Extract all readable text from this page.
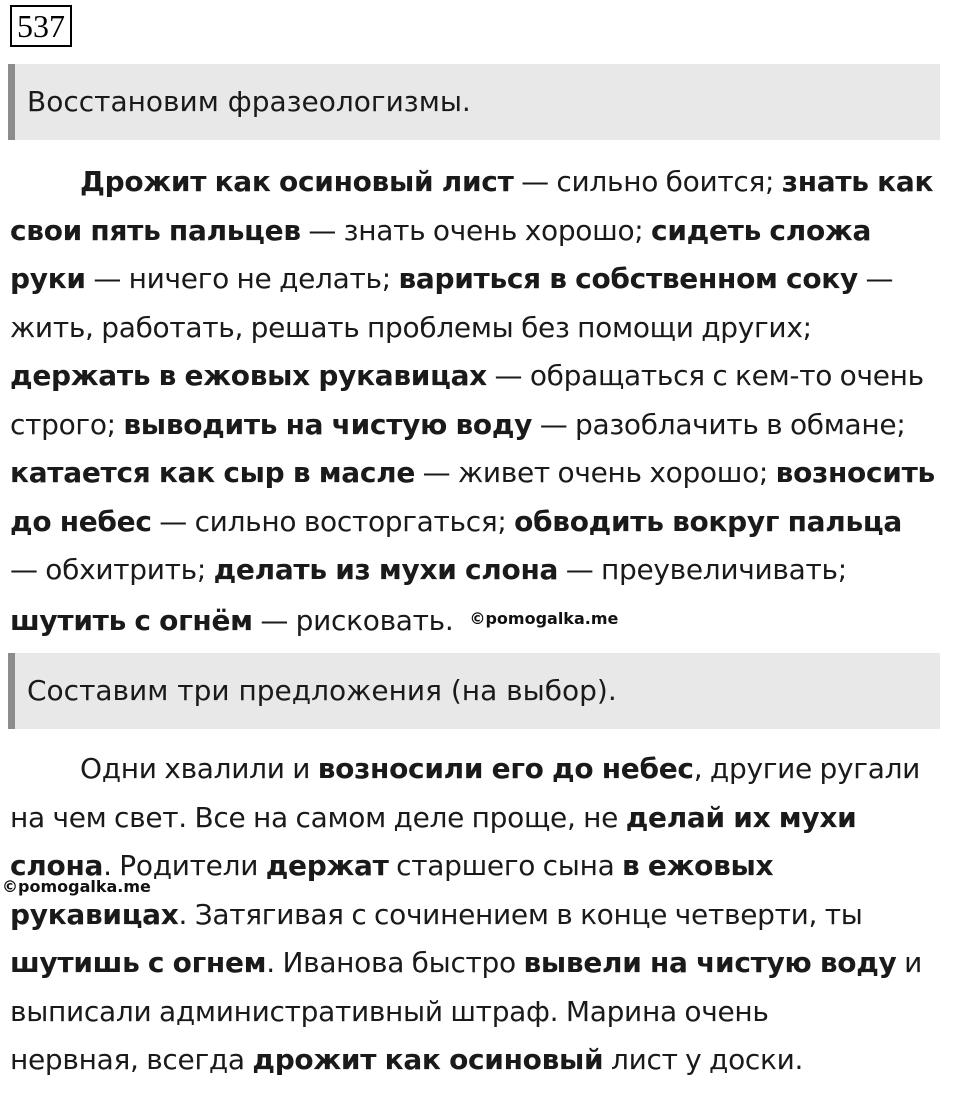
537
Восстановим фразеологизмы.
Дрожит как осиновый лист — сильно боится; знать как
свои пять пальцев — знать очень хорошо; сидеть сложа
руки — ничего не делать; вариться в собственном соку —
жить, работать, решать проблемы без помощи других;
держать в ежовых рукавицах — обращаться с кем-то очень
строго; выводить на чистую воду — разоблачить в обмане;
катается как сыр в масле — живет очень хорошо; возносить
до небес — сильно восторгаться; обводить вокруг пальца
— обхитрить; делать из мухи слона — преувеличивать;
шутить с огнём — рисковать. $^{©pomogalka.me}$
Составим три предложения (на выбор).
Одни хвалили и возносили его до небес, другие ругали
на чем свет. Все на самом деле проще, не делай их мухи
слона. Родители держат старшего сына в ежовых
рукавицах. Затягивая с сочинением в конце четверти, ты
шутишь с огнем. Иванова быстро вывели на чистую воду и
выписали административный штраф. Марина очень
нервная, всегда дрожит как осиновый лист у доски.
©pomogalka.me
